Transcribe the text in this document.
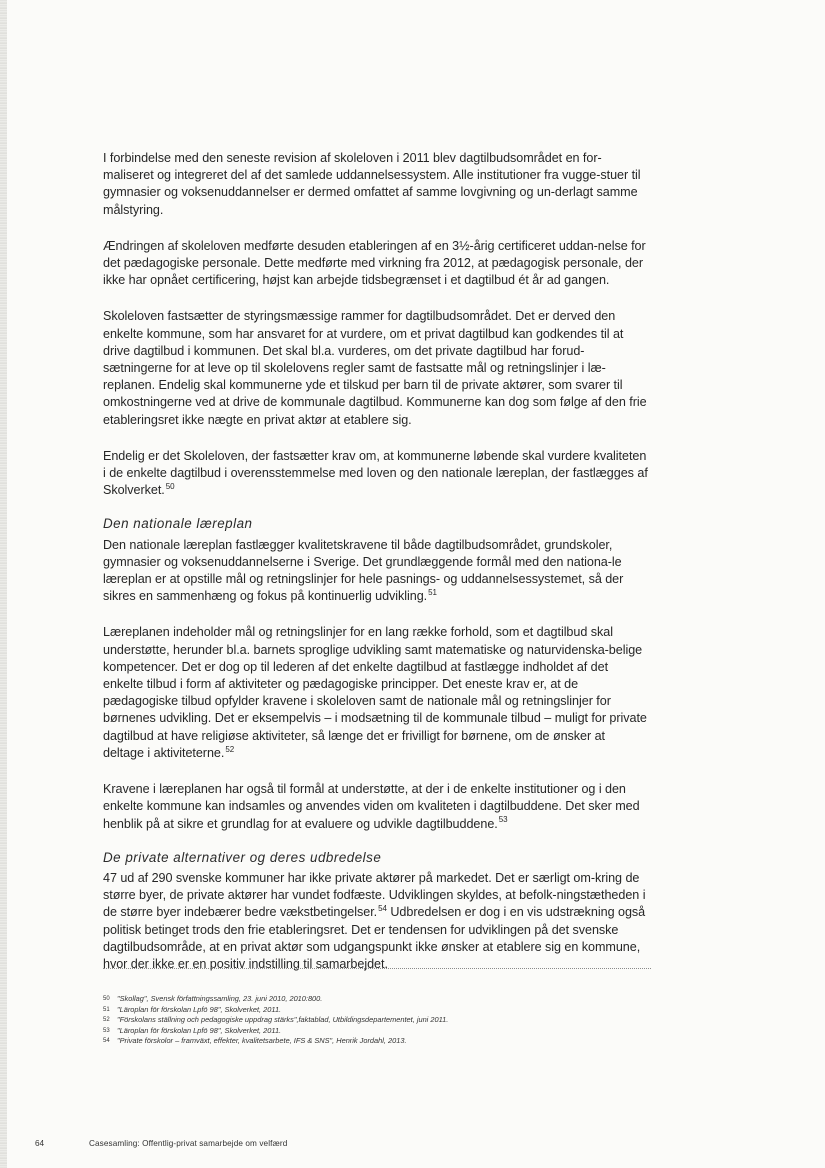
I forbindelse med den seneste revision af skoleloven i 2011 blev dagtilbudsområdet en for-maliseret og integreret del af det samlede uddannelsessystem. Alle institutioner fra vugge-stuer til gymnasier og voksenuddannelser er dermed omfattet af samme lovgivning og un-derlagt samme målstyring.

Ændringen af skoleloven medførte desuden etableringen af en 3½-årig certificeret uddan-nelse for det pædagogiske personale. Dette medførte med virkning fra 2012, at pædagogisk personale, der ikke har opnået certificering, højst kan arbejde tidsbegrænset i et dagtilbud ét år ad gangen.

Skoleloven fastsætter de styringsmæssige rammer for dagtilbudsområdet. Det er derved den enkelte kommune, som har ansvaret for at vurdere, om et privat dagtilbud kan godkendes til at drive dagtilbud i kommunen. Det skal bl.a. vurderes, om det private dagtilbud har forud-sætningerne for at leve op til skolelovens regler samt de fastsatte mål og retningslinjer i læ-replanen. Endelig skal kommunerne yde et tilskud per barn til de private aktører, som svarer til omkostningerne ved at drive de kommunale dagtilbud. Kommunerne kan dog som følge af den frie etableringsret ikke nægte en privat aktør at etablere sig.

Endelig er det Skoleloven, der fastsætter krav om, at kommunerne løbende skal vurdere kvaliteten i de enkelte dagtilbud i overensstemmelse med loven og den nationale læreplan, der fastlægges af Skolverket.$^{50}$

Den nationale læreplan

Den nationale læreplan fastlægger kvalitetskravene til både dagtilbudsområdet, grundskoler, gymnasier og voksenuddannelserne i Sverige. Det grundlæggende formål med den nationa-le læreplan er at opstille mål og retningslinjer for hele pasnings- og uddannelsessystemet, så der sikres en sammenhæng og fokus på kontinuerlig udvikling.$^{51}$

Læreplanen indeholder mål og retningslinjer for en lang række forhold, som et dagtilbud skal understøtte, herunder bl.a. barnets sproglige udvikling samt matematiske og naturvidenska-belige kompetencer. Det er dog op til lederen af det enkelte dagtilbud at fastlægge indholdet af det enkelte tilbud i form af aktiviteter og pædagogiske principper. Det eneste krav er, at de pædagogiske tilbud opfylder kravene i skoleloven samt de nationale mål og retningslinjer for børnenes udvikling. Det er eksempelvis – i modsætning til de kommunale tilbud – muligt for private dagtilbud at have religiøse aktiviteter, så længe det er frivilligt for børnene, om de ønsker at deltage i aktiviteterne.$^{52}$

Kravene i læreplanen har også til formål at understøtte, at der i de enkelte institutioner og i den enkelte kommune kan indsamles og anvendes viden om kvaliteten i dagtilbuddene. Det sker med henblik på at sikre et grundlag for at evaluere og udvikle dagtilbuddene.$^{53}$

De private alternativer og deres udbredelse

47 ud af 290 svenske kommuner har ikke private aktører på markedet. Det er særligt om-kring de større byer, de private aktører har vundet fodfæste. Udviklingen skyldes, at befolk-ningstætheden i de større byer indebærer bedre vækstbetingelser.$^{54}$ Udbredelsen er dog i en vis udstrækning også politisk betinget trods den frie etableringsret. Det er tendensen for udviklingen på det svenske dagtilbudsområde, at en privat aktør som udgangspunkt ikke ønsker at etablere sig en kommune, hvor der ikke er en positiv indstilling til samarbejdet.

50 "Skollag", Svensk författningssamling, 23. juni 2010, 2010:800.
51 "Läroplan för förskolan Lpfö 98", Skolverket, 2011.
52 "Förskolans ställning och pedagogiske uppdrag stärks",faktablad, Utbildingsdepartementet, juni 2011.
53 "Läroplan för förskolan Lpfö 98", Skolverket, 2011.
54 "Private förskolor – framväxt, effekter, kvalitetsarbete, IFS & SNS", Henrik Jordahl, 2013.
64	Casesamling: Offentlig-privat samarbejde om velfærd
